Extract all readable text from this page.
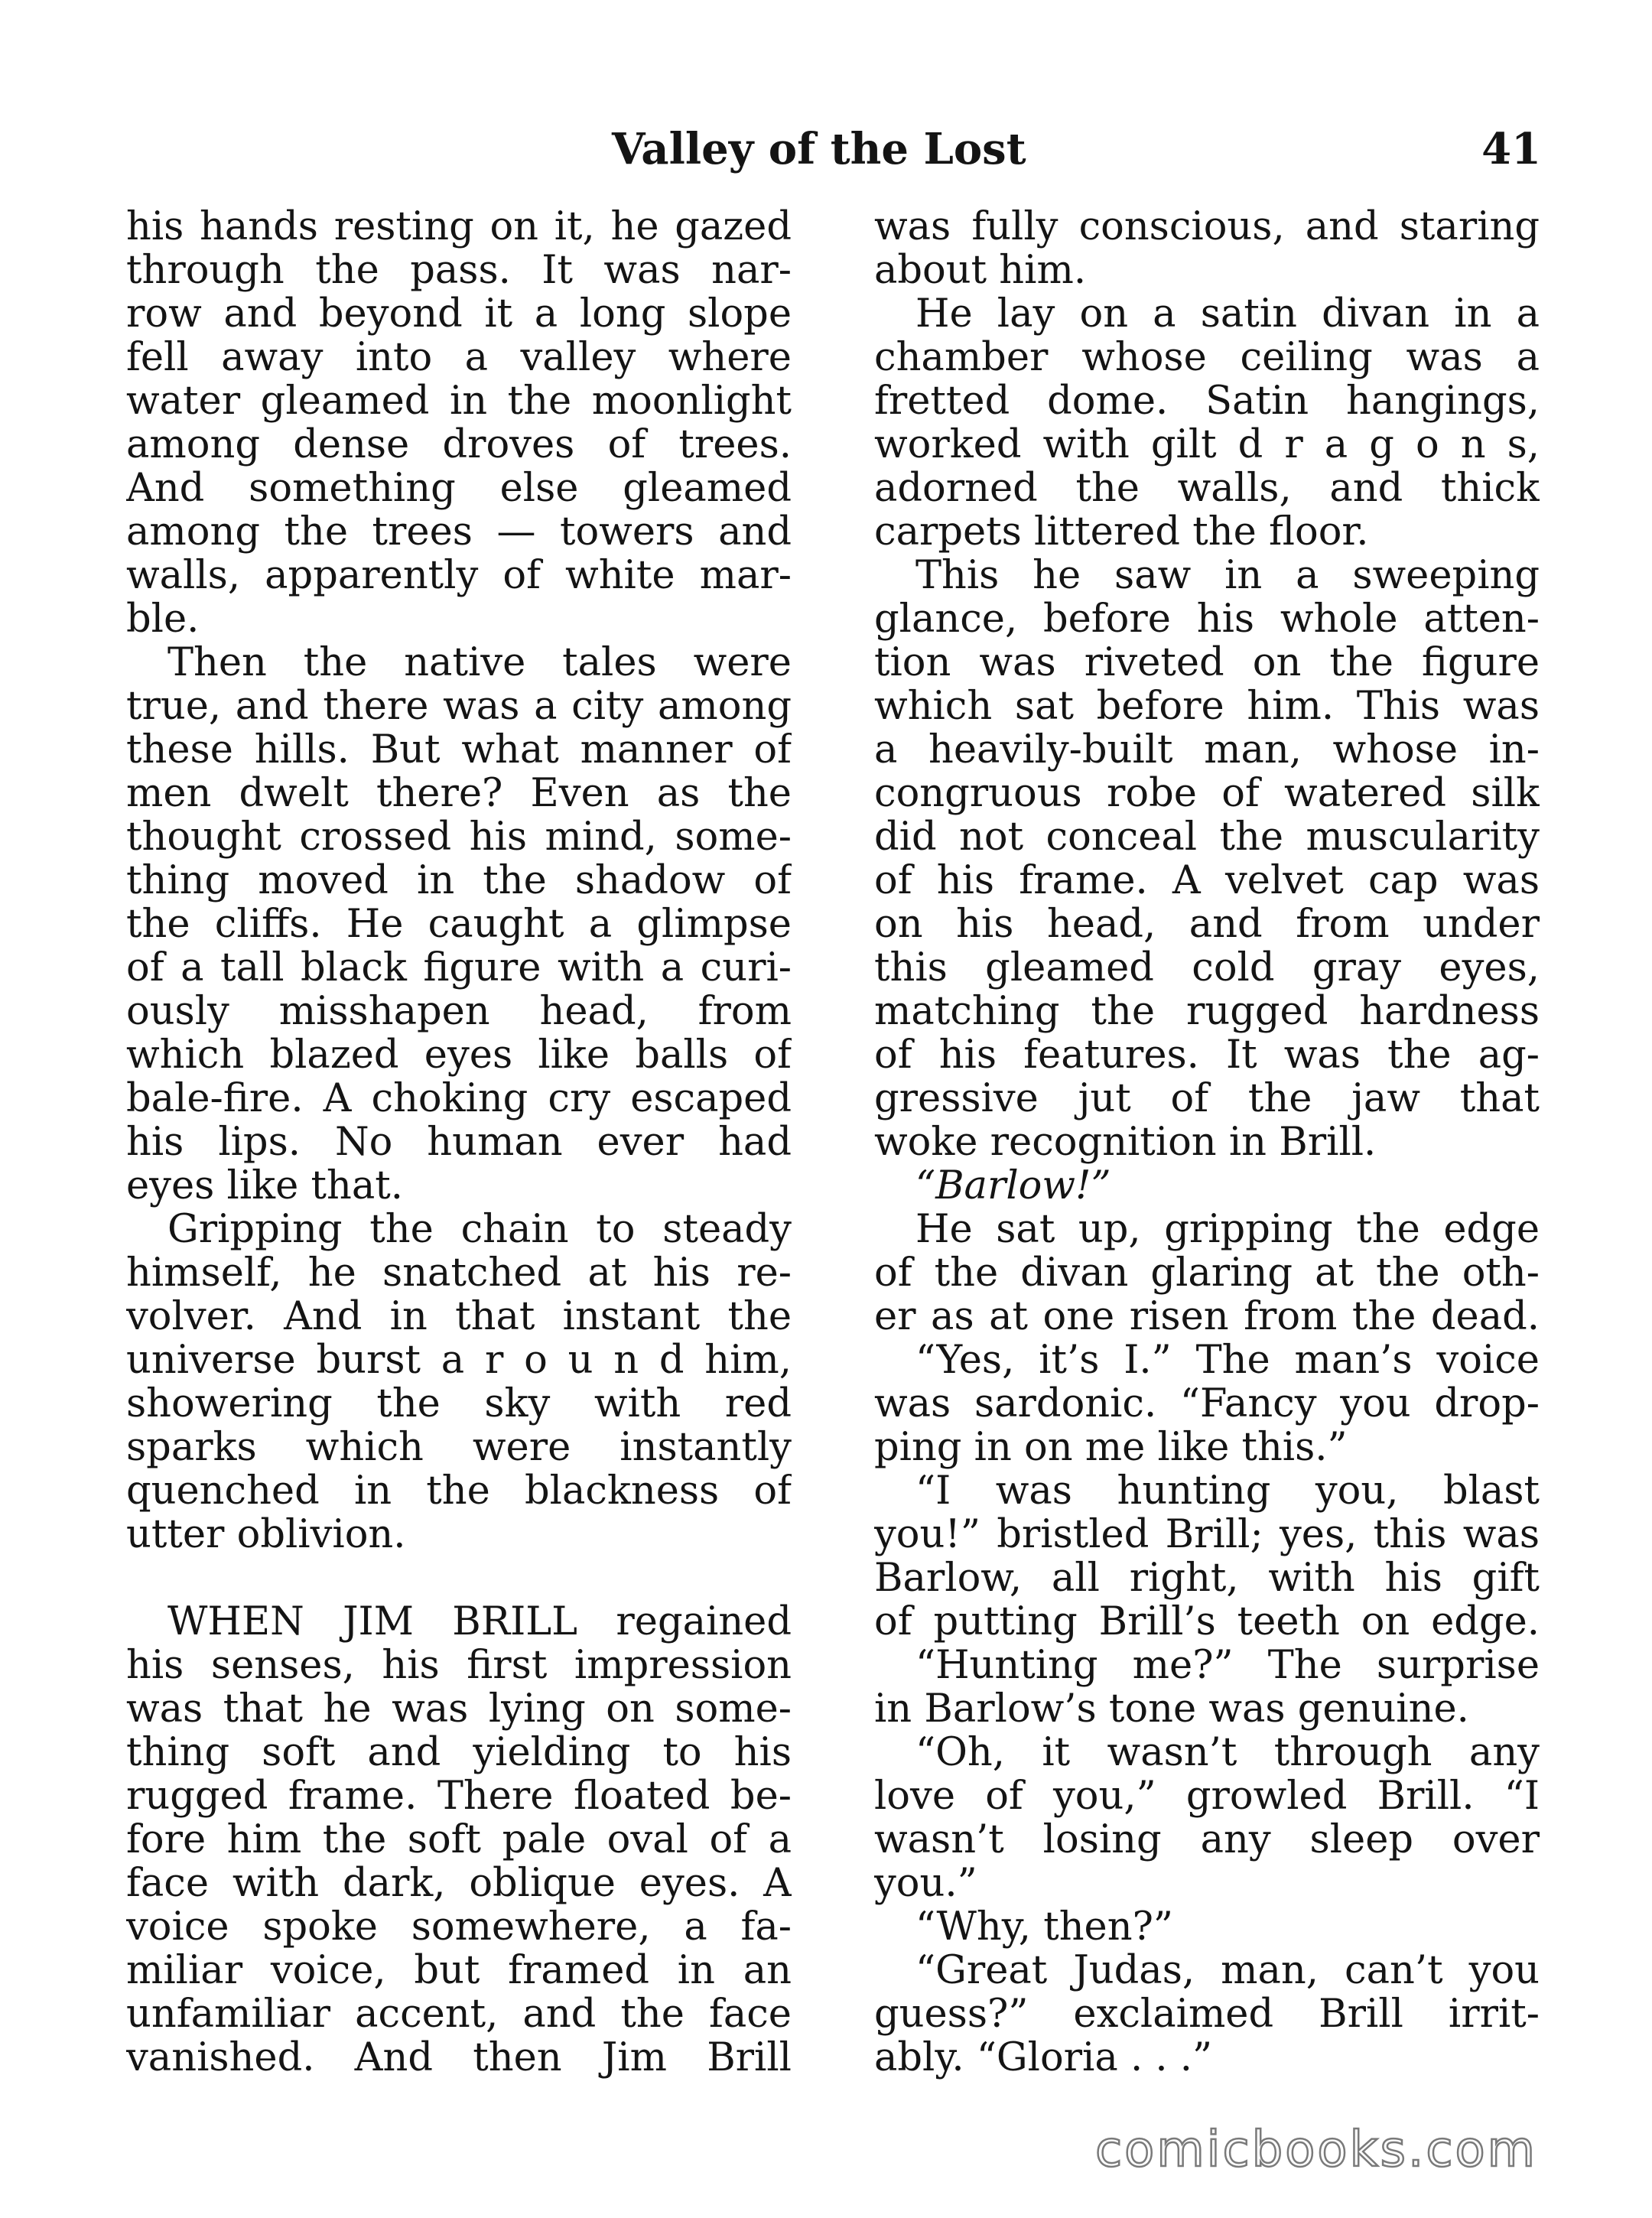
Valley of the Lost	41
his hands resting on it, he gazed
through the pass. It was nar-
row and beyond it a long slope
fell away into a valley where
water gleamed in the moonlight
among dense droves of trees.
And something else gleamed
among the trees — towers and
walls, apparently of white mar-
ble.
Then the native tales were
true, and there was a city among
these hills. But what manner of
men dwelt there? Even as the
thought crossed his mind, some-
thing moved in the shadow of
the cliffs. He caught a glimpse
of a tall black figure with a curi-
ously misshapen head, from
which blazed eyes like balls of
bale-fire. A choking cry escaped
his lips. No human ever had
eyes like that.
Gripping the chain to steady
himself, he snatched at his re-
volver. And in that instant the
universe burst a r o u n d him,
showering the sky with red
sparks which were instantly
quenched in the blackness of
utter oblivion.
WHEN JIM BRILL regained
his senses, his first impression
was that he was lying on some-
thing soft and yielding to his
rugged frame. There floated be-
fore him the soft pale oval of a
face with dark, oblique eyes. A
voice spoke somewhere, a fa-
miliar voice, but framed in an
unfamiliar accent, and the face
vanished. And then Jim Brill
was fully conscious, and staring
about him.
He lay on a satin divan in a
chamber whose ceiling was a
fretted dome. Satin hangings,
worked with gilt d r a g o n s,
adorned the walls, and thick
carpets littered the floor.
This he saw in a sweeping
glance, before his whole atten-
tion was riveted on the figure
which sat before him. This was
a heavily-built man, whose in-
congruous robe of watered silk
did not conceal the muscularity
of his frame. A velvet cap was
on his head, and from under
this gleamed cold gray eyes,
matching the rugged hardness
of his features. It was the ag-
gressive jut of the jaw that
woke recognition in Brill.
“Barlow!”
He sat up, gripping the edge
of the divan glaring at the oth-
er as at one risen from the dead.
“Yes, it’s I.” The man’s voice
was sardonic. “Fancy you drop-
ping in on me like this.”
“I was hunting you, blast
you!” bristled Brill; yes, this was
Barlow, all right, with his gift
of putting Brill’s teeth on edge.
“Hunting me?” The surprise
in Barlow’s tone was genuine.
“Oh, it wasn’t through any
love of you,” growled Brill. “I
wasn’t losing any sleep over
you.”
“Why, then?”
“Great Judas, man, can’t you
guess?” exclaimed Brill irrit-
ably. “Gloria . . .”
comicbooks.com
